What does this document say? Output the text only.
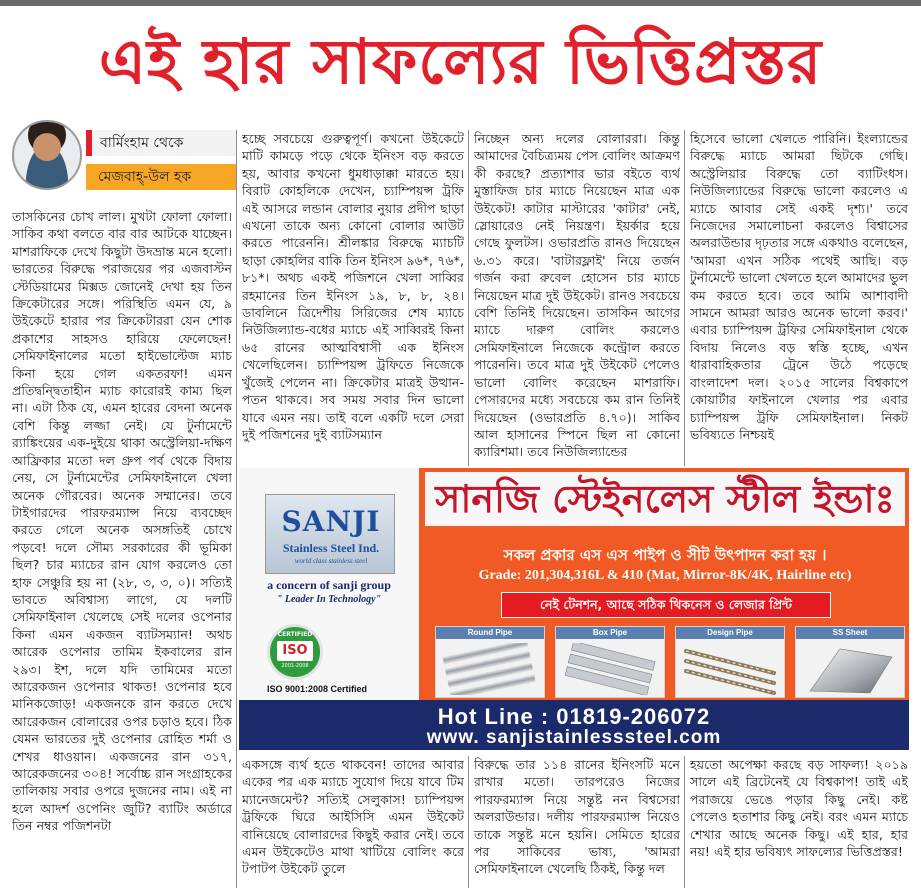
এই হার সাফল্যের ভিত্তিপ্রস্তর
বার্মিংহাম থেকে
মেজবাহ্-উল হক

তাসকিনের চোখ লাল। মুখটা ফোলা ফোলা। সাকিব কথা বলতে বার বার আটকে যাচ্ছেন। মাশরাফিকে দেখে কিছুটা উদভ্রান্ত মনে হলো। ভারতের বিরুদ্ধে পরাজয়ের পর এজবাস্টন স্টেডিয়ামের মিক্সড জোনেই দেখা হয় তিন ক্রিকেটারের সঙ্গে। পরিস্থিতি এমন যে, ৯ উইকেটে হারার পর ক্রিকেটাররা যেন শোক প্রকাশের সাহসও হারিয়ে ফেলেছেন! সেমিফাইনালের মতো হাইভোল্টেজ ম্যাচ কিনা হয়ে গেল একতরফা! এমন প্রতিদ্বন্দ্বিতাহীন ম্যাচ কারোরই কাম্য ছিল না। এটা ঠিক যে, এমন হারের বেদনা অনেক বেশি কিন্তু লজ্জা নেই। যে টুর্নামেন্টে র‍্যাঙ্কিংয়ের এক-দুইয়ে থাকা অস্ট্রেলিয়া-দক্ষিণ আফ্রিকার মতো দল গ্রুপ পর্ব থেকে বিদায় নেয়, সে টুর্নামেন্টের সেমিফাইনালে খেলা অনেক গৌরবের। অনেক সম্মানের। তবে টাইগারদের পারফরম্যান্স নিয়ে ব্যবচ্ছেদ করতে গেলে অনেক অসঙ্গতিই চোখে পড়বে! দলে সৌম্য সরকারের কী ভূমিকা ছিল? চার ম্যাচের রান যোগ করলেও তো হাফ সেঞ্চুরি হয় না (২৮, ৩, ৩, ০)। সত্যিই ভাবতে অবিশ্বাস্য লাগে, যে দলটি সেমিফাইনাল খেলেছে সেই দলের ওপেনার কিনা এমন একজন ব্যাটসম্যান! অথচ আরেক ওপেনার তামিম ইকবালের রান ২৯৩। ইশ, দলে যদি তামিমের মতো আরেকজন ওপেনার থাকত! ওপেনার হবে মানিকজোড়! একজনকে রান করতে দেখে আরেকজন বোলারের ওপর চড়াও হবে। ঠিক যেমন ভারতের দুই ওপেনার রোহিত শর্মা ও শেখর ধাওয়ান। একজনের রান ৩১৭, আরেকজনের ৩০৪! সর্বোচ্চ রান সংগ্রাহকের তালিকায় সবার ওপরে দুজনের নাম। এই না হলে আদর্শ ওপেনিং জুটি? ব্যাটিং অর্ডারে তিন নম্বর পজিশনটা

হচ্ছে সবচেয়ে গুরুত্বপূর্ণ। কখনো উইকেটে মাটি কামড়ে পড়ে থেকে ইনিংস বড় করতে হয়, আবার কখনো ধুমধাড়াক্কা মারতে হয়। বিরাট কোহলিকে দেখেন, চ্যাম্পিয়ন্স ট্রফি এই আসরে লন্ডান বোলার নুয়ার প্রদীপ ছাড়া এখনো তাকে অন্য কোনো বোলার আউট করতে পারেননি। শ্রীলঙ্কার বিরুদ্ধে ম্যাচটি ছাড়া কোহলির বাকি তিন ইনিংস ৯৬*, ৭৬*, ৮১*। অথচ একই পজিশনে খেলা সাব্বির রহমানের তিন ইনিংস ১৯, ৮, ৮, ২৪। ডাবলিনে ত্রিদেশীয় সিরিজের শেষ ম্যাচে নিউজিল্যান্ড-বধের ম্যাচে এই সাব্বিরই কিনা ৬৫ রানের আত্মবিশ্বাসী এক ইনিংস খেলেছিলেন। চ্যাম্পিয়ন্স ট্রফিতে নিজেকে খুঁজেই পেলেন না। ক্রিকেটার মাত্রই উত্থান-পতন থাকবে। সব সময় সবার দিন ভালো যাবে এমন নয়। তাই বলে একটি দলে সেরা দুই পজিশনের দুই ব্যাটসম্যান

নিচ্ছেন অন্য দলের বোলাররা। কিন্তু আমাদের বৈচিত্র্যময় পেস বোলিং আক্রমণ কী করছে? প্রত্যাশার ভার বইতে ব্যর্থ মুস্তাফিজ চার ম্যাচে নিয়েছেন মাত্র এক উইকেট! কাটার মাস্টারের 'কাটার' নেই, স্লোয়ারেও নেই নিয়ন্ত্রণ। ইয়র্কার হয়ে গেছে ফুলটস। ওভারপ্রতি রানও দিয়েছেন ৬.৩১ করে। 'বাটারফ্লাই' নিয়ে তর্জন গর্জন করা রুবেল হোসেন চার ম্যাচে নিয়েছেন মাত্র দুই উইকেট। রানও সবচেয়ে বেশি তিনিই দিয়েছেন। তাসকিন আগের ম্যাচে দারুণ বোলিং করলেও সেমিফাইনালে নিজেকে কন্ট্রোল করতে পারেননি। তবে মাত্র দুই উইকেট পেলেও ভালো বোলিং করেছেন মাশরাফি। পেসারদের মধ্যে সবচেয়ে কম রান তিনিই দিয়েছেন (ওভারপ্রতি ৪.৭০)। সাকিব আল হাসানের স্পিনে ছিল না কোনো ক্যারিশমা। তবে নিউজিল্যান্ডের

হিসেবে ভালো খেলতে পারিনি। ইংল্যান্ডের বিরুদ্ধে ম্যাচে আমরা ছিটকে গেছি। অস্ট্রেলিয়ার বিরুদ্ধে তো ব্যাটিংধস। নিউজিল্যান্ডের বিরুদ্ধে ভালো করলেও এ ম্যাচে আবার সেই একই দৃশ্য।' তবে নিজেদের সমালোচনা করলেও বিশ্বাসের অলরাউন্ডার দৃঢ়তার সঙ্গে একথাও বলেছেন, 'আমরা এখন সঠিক পথেই আছি। বড় টুর্নামেন্টে ভালো খেলতে হলে আমাদের ভুল কম করতে হবে। তবে আমি আশাবাদী সামনে আমরা আরও অনেক ভালো করব।' এবার চ্যাম্পিয়ন্স ট্রফির সেমিফাইনাল থেকে বিদায় নিলেও বড় স্বস্তি হচ্ছে, এখন ধারাবাহিকতার ট্রেনে উঠে পড়েছে বাংলাদেশ দল। ২০১৫ সালের বিশ্বকাপে কোয়ার্টার ফাইনালে খেলার পর এবার চ্যাম্পিয়ন্স ট্রফি সেমিফাইনাল। নিকট ভবিষ্যতে নিশ্চয়ই

SANJI
Stainless Steel Ind.
world class stainless steel
a concern of sanji group
" Leader In Technology"
CERTIFIED
ISO
2001-2008
ISO 9001:2008 Certified
সানজি স্টেইনলেস স্টীল ইন্ডাঃ
সকল প্রকার এস এস পাইপ ও সীট উৎপাদন করা হয় ।
Grade: 201,304,316L & 410 (Mat, Mirror-8K/4K, Hairline etc)
নেই টেনশন, আছে সঠিক থিকনেস ও লেজার প্রিন্ট
Round Pipe	Box Pipe	Design Pipe	SS Sheet
Hot Line : 01819-206072
www. sanjistainlesssteel.com

একসঙ্গে ব্যর্থ হতে থাকবেন! তাদের আবার একের পর এক ম্যাচে সুযোগ দিয়ে যাবে টিম ম্যানেজমেন্ট? সত্যিই সেলুকাস! চ্যাম্পিয়ন্স ট্রফিকে ঘিরে আইসিসি এমন উইকেট বানিয়েছে বোলারদের কিছুই করার নেই। তবে এমন উইকেটেও মাথা খাটিয়ে বোলিং করে টপাটপ উইকেট তুলে

বিরুদ্ধে তার ১১৪ রানের ইনিংসটি মনে রাখার মতো। তারপরেও নিজের পারফরম্যান্স নিয়ে সন্তুষ্ট নন বিশ্বসেরা অলরাউন্ডার। দলীয় পারফরম্যান্স নিয়েও তাকে সন্তুষ্ট মনে হয়নি। সেমিতে হারের পর সাকিবের ভাষ্য, 'আমরা সেমিফাইনালে খেলেছি ঠিকই, কিন্তু দল

হয়তো অপেক্ষা করছে বড় সাফল্য! ২০১৯ সালে এই ব্রিটেনেই যে বিশ্বকাপ! তাই এই পরাজয়ে ভেঙে পড়ার কিছু নেই। কষ্ট পেলেও হতাশার কিছু নেই। বরং এমন ম্যাচে শেখার আছে অনেক কিছু। এই হার, হার নয়! এই হার ভবিষ্যৎ সাফল্যের ভিত্তিপ্রস্তর!
